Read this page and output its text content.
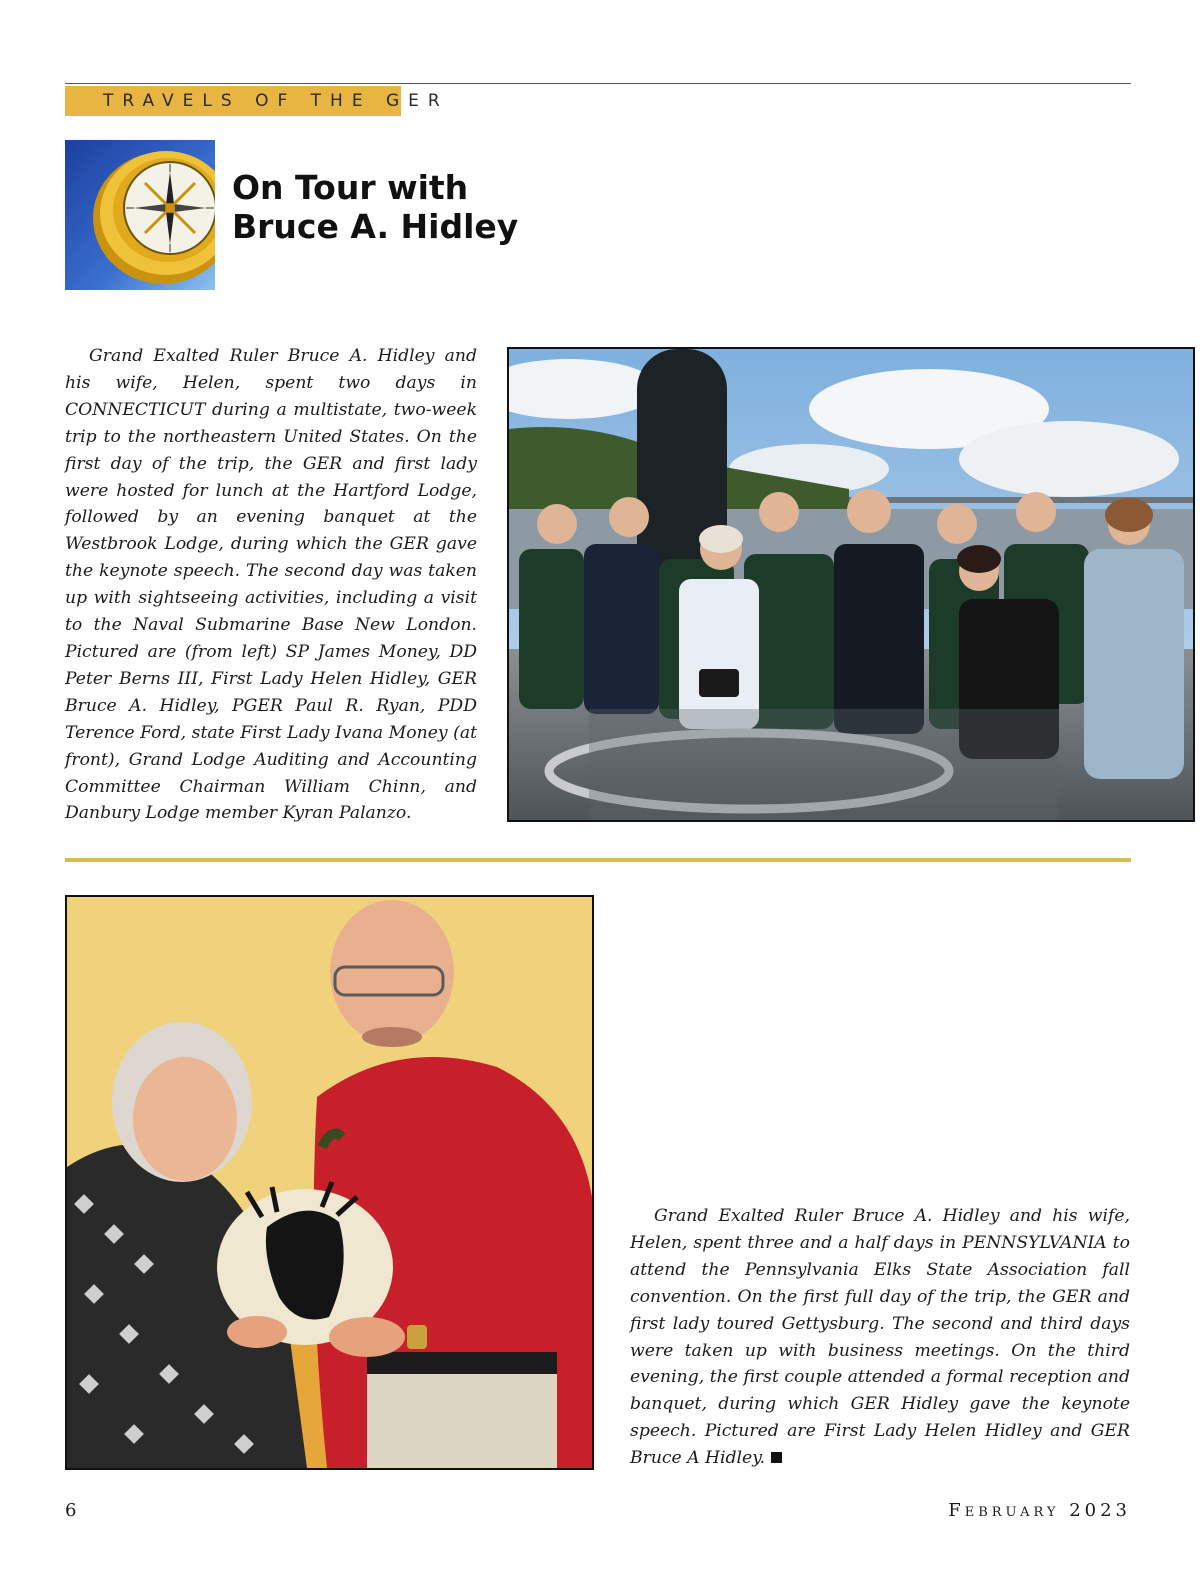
TRAVELS OF THE GER
On Tour with
Bruce A. Hidley

Grand Exalted Ruler Bruce A. Hidley and his wife, Helen, spent two days in CONNECTICUT during a multistate, two-week trip to the northeastern United States. On the first day of the trip, the GER and first lady were hosted for lunch at the Hartford Lodge, followed by an evening banquet at the Westbrook Lodge, during which the GER gave the keynote speech. The second day was taken up with sightseeing activities, including a visit to the Naval Submarine Base New London. Pictured are (from left) SP James Money, DD Peter Berns III, First Lady Helen Hidley, GER Bruce A. Hidley, PGER Paul R. Ryan, PDD Terence Ford, state First Lady Ivana Money (at front), Grand Lodge Auditing and Accounting Committee Chairman William Chinn, and Danbury Lodge member Kyran Palanzo.

Grand Exalted Ruler Bruce A. Hidley and his wife, Helen, spent three and a half days in PENNSYLVANIA to attend the Pennsylvania Elks State Association fall convention. On the first full day of the trip, the GER and first lady toured Gettysburg. The second and third days were taken up with business meetings. On the third evening, the first couple attended a formal reception and banquet, during which GER Hidley gave the keynote speech. Pictured are First Lady Helen Hidley and GER Bruce A Hidley.

6	February 2023
